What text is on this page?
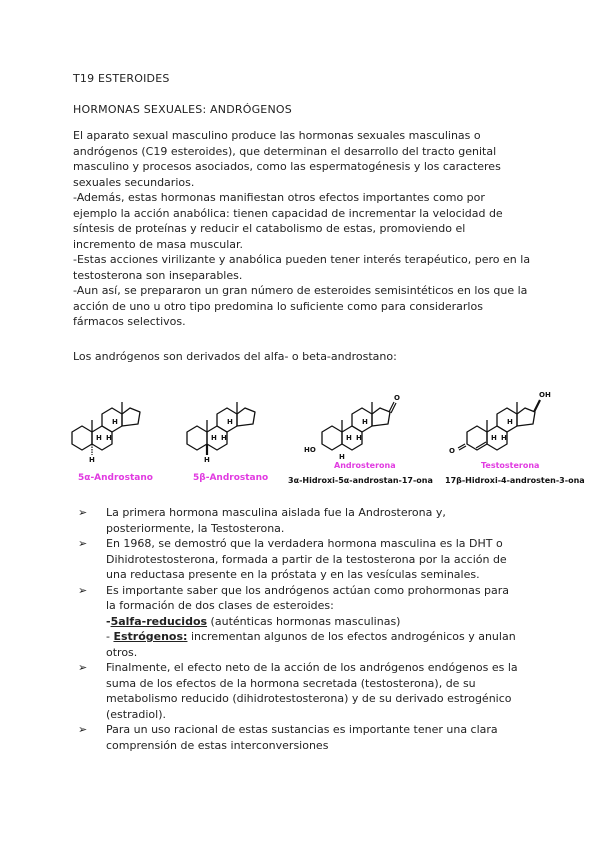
T19 ESTEROIDES
HORMONAS SEXUALES: ANDRÓGENOS
El aparato sexual masculino produce las hormonas sexuales masculinas o
andrógenos (C19 esteroides), que determinan el desarrollo del tracto genital
masculino y procesos asociados, como las espermatogénesis y los caracteres
sexuales secundarios.
-Además, estas hormonas manifiestan otros efectos importantes como por
ejemplo la acción anabólica: tienen capacidad de incrementar la velocidad de
síntesis de proteínas y reducir el catabolismo de estas, promoviendo el
incremento de masa muscular.
-Estas acciones virilizante y anabólica pueden tener interés terapéutico, pero en la
testosterona son inseparables.
-Aun así, se prepararon un gran número de esteroides semisintéticos en los que la
acción de uno u otro tipo predomina lo suficiente como para considerarlos
fármacos selectivos.
Los andrógenos son derivados del alfa- o beta-androstano:
H H
H
H
5α-Androstano
H H
H
H
5β-Androstano
O
HO
H H
H
H
Androsterona
3α-Hidroxi-5α-androstan-17-ona
OH
O
H H
H
Testosterona
17β-Hidroxi-4-androsten-3-ona
➢ La primera hormona masculina aislada fue la Androsterona y,
posteriormente, la Testosterona.
➢ En 1968, se demostró que la verdadera hormona masculina es la DHT o
Dihidrotestosterona, formada a partir de la testosterona por la acción de
una reductasa presente en la próstata y en las vesículas seminales.
➢ Es importante saber que los andrógenos actúan como prohormonas para
la formación de dos clases de esteroides:
-5alfa-reducidos (auténticas hormonas masculinas)
- Estrógenos: incrementan algunos de los efectos androgénicos y anulan
otros.
➢ Finalmente, el efecto neto de la acción de los andrógenos endógenos es la
suma de los efectos de la hormona secretada (testosterona), de su
metabolismo reducido (dihidrotestosterona) y de su derivado estrogénico
(estradiol).
➢ Para un uso racional de estas sustancias es importante tener una clara
comprensión de estas interconversiones
